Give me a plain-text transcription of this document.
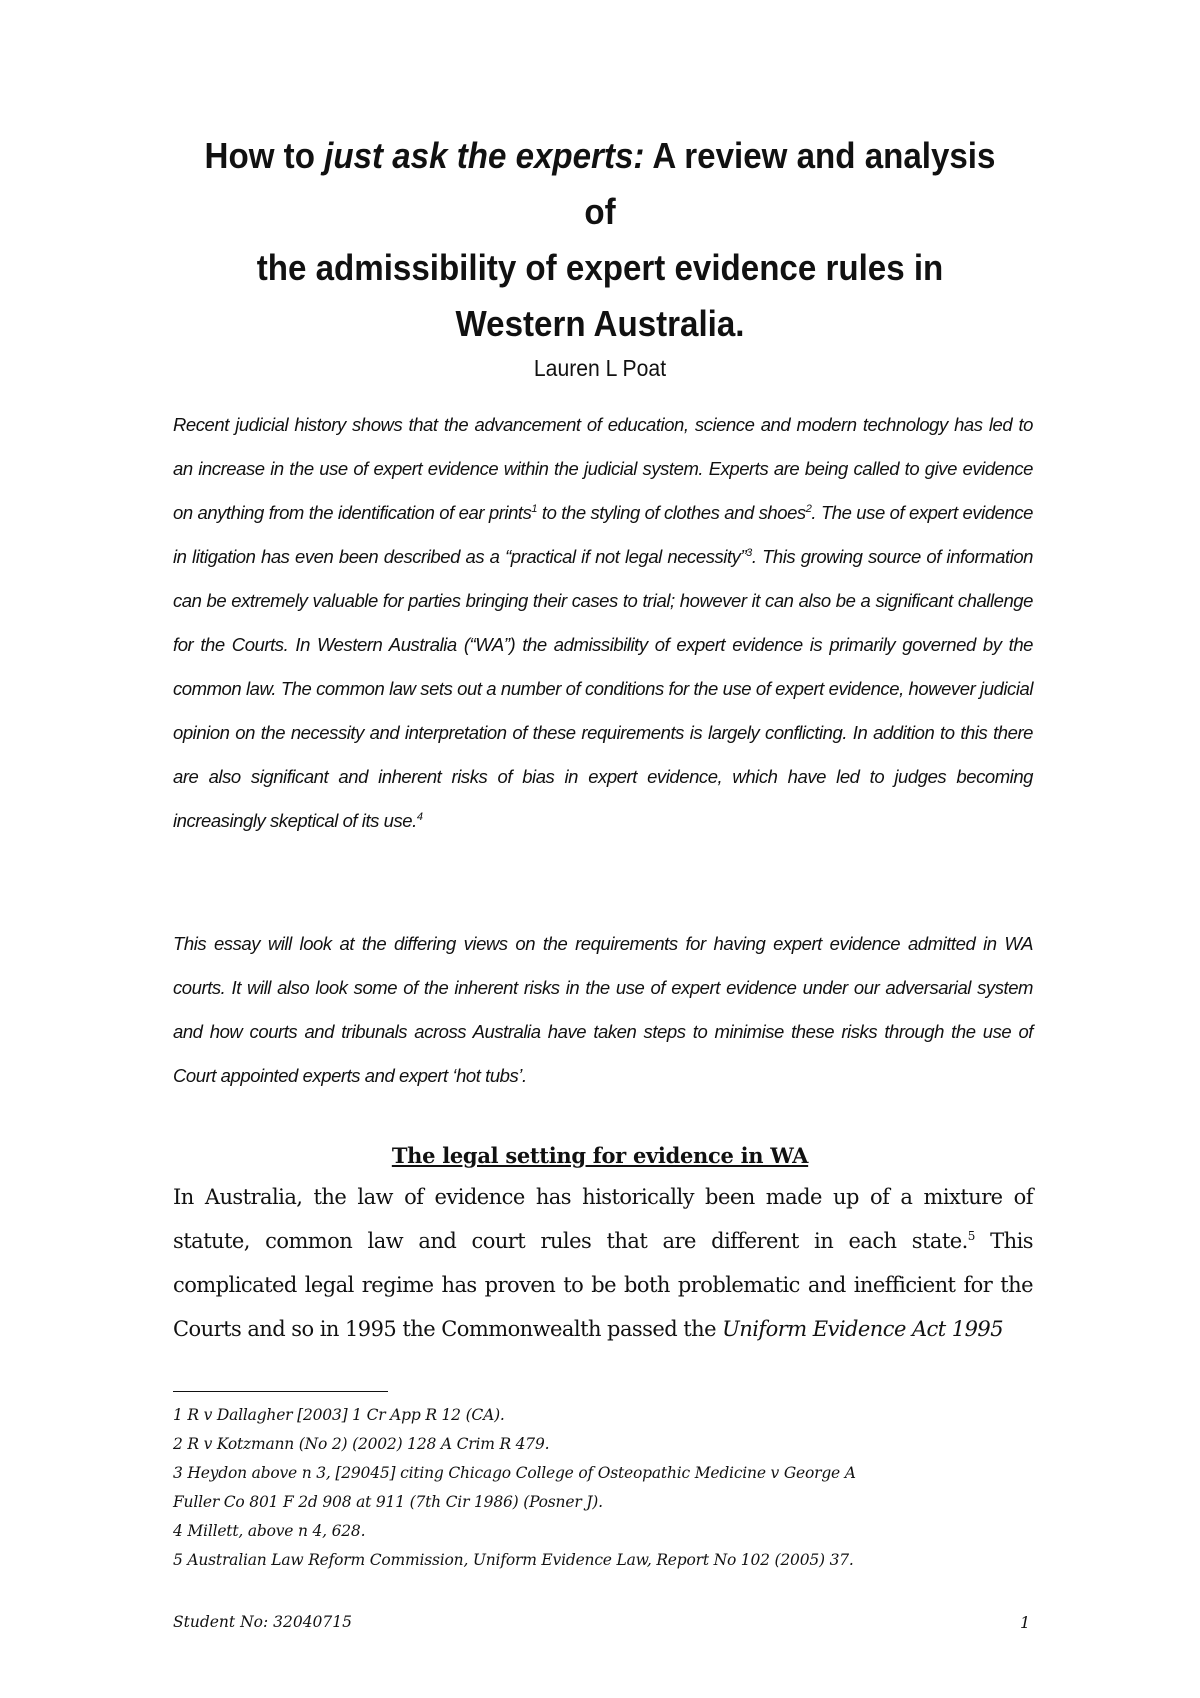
How to just ask the experts: A review and analysis of
the admissibility of expert evidence rules in
Western Australia.

Lauren L Poat

Recent judicial history shows that the advancement of education, science and modern technology has led to an increase in the use of expert evidence within the judicial system. Experts are being called to give evidence on anything from the identification of ear prints$^1$ to the styling of clothes and shoes$^2$. The use of expert evidence in litigation has even been described as a “practical if not legal necessity”$^3$. This growing source of information can be extremely valuable for parties bringing their cases to trial; however it can also be a significant challenge for the Courts. In Western Australia (“WA”) the admissibility of expert evidence is primarily governed by the common law. The common law sets out a number of conditions for the use of expert evidence, however judicial opinion on the necessity and interpretation of these requirements is largely conflicting. In addition to this there are also significant and inherent risks of bias in expert evidence, which have led to judges becoming increasingly skeptical of its use.$^4$

This essay will look at the differing views on the requirements for having expert evidence admitted in WA courts. It will also look some of the inherent risks in the use of expert evidence under our adversarial system and how courts and tribunals across Australia have taken steps to minimise these risks through the use of Court appointed experts and expert ‘hot tubs’.

The legal setting for evidence in WA

In Australia, the law of evidence has historically been made up of a mixture of statute, common law and court rules that are different in each state.$^5$ This complicated legal regime has proven to be both problematic and inefficient for the Courts and so in 1995 the Commonwealth passed the Uniform Evidence Act 1995

1 R v Dallagher [2003] 1 Cr App R 12 (CA).
2 R v Kotzmann (No 2) (2002) 128 A Crim R 479.
3 Heydon above n 3, [29045] citing Chicago College of Osteopathic Medicine v George A
Fuller Co 801 F 2d 908 at 911 (7th Cir 1986) (Posner J).
4 Millett, above n 4, 628.
5 Australian Law Reform Commission, Uniform Evidence Law, Report No 102 (2005) 37.
Student No: 32040715	1
